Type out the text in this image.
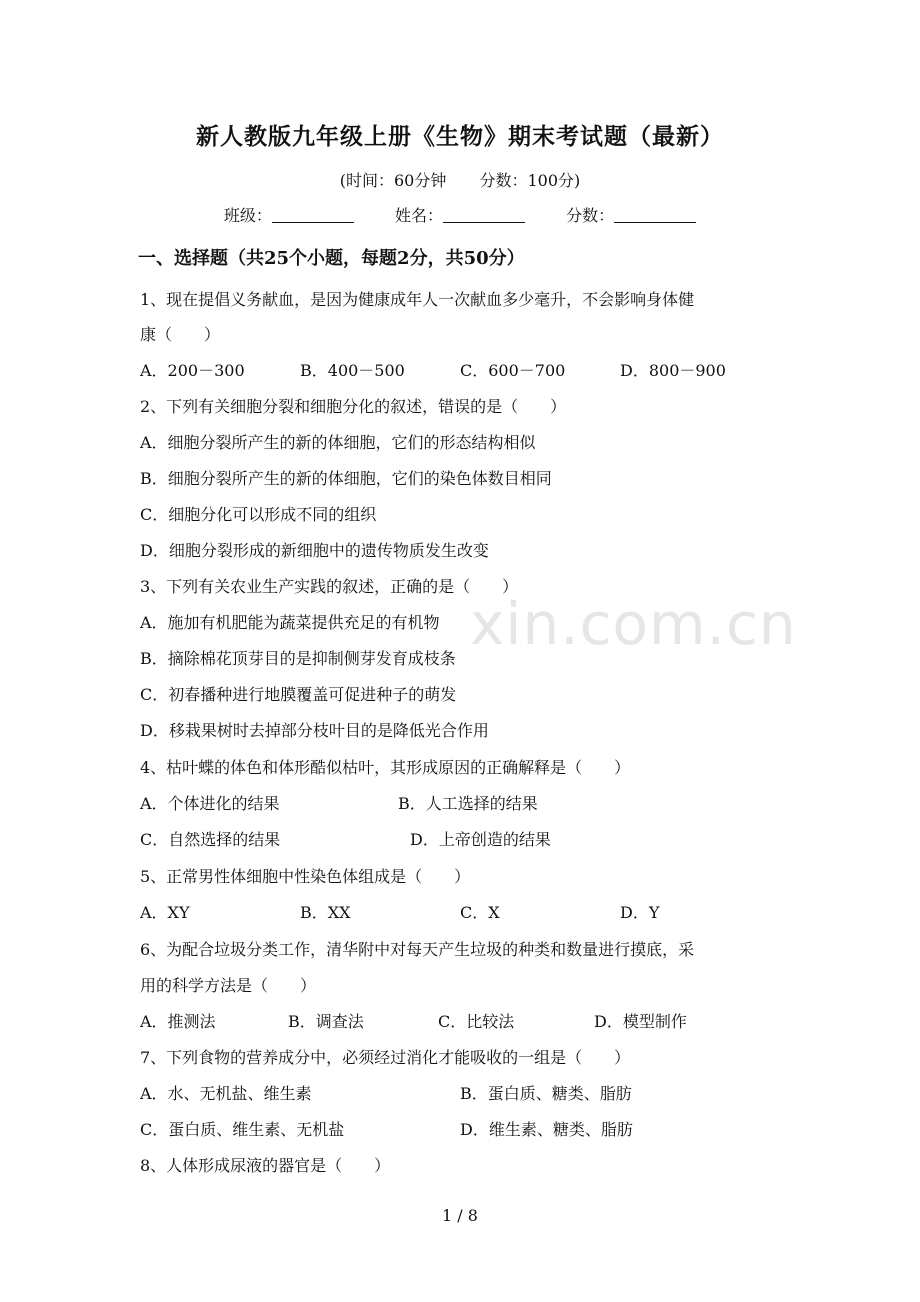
新人教版九年级上册《生物》期末考试题（最新）
(时间：60分钟 分数：100分)
班级：	姓名：	分数：
一、选择题（共25个小题，每题2分，共50分）
1、现在提倡义务献血，是因为健康成年人一次献血多少毫升，不会影响身体健
康（　　）
A．200－300	B．400－500	C．600－700	D．800－900
2、下列有关细胞分裂和细胞分化的叙述，错误的是（　　）
A．细胞分裂所产生的新的体细胞，它们的形态结构相似
B．细胞分裂所产生的新的体细胞，它们的染色体数目相同
C．细胞分化可以形成不同的组织
D．细胞分裂形成的新细胞中的遗传物质发生改变
3、下列有关农业生产实践的叙述，正确的是（　　）
A．施加有机肥能为蔬菜提供充足的有机物
B．摘除棉花顶芽目的是抑制侧芽发育成枝条
C．初春播种进行地膜覆盖可促进种子的萌发
D．移栽果树时去掉部分枝叶目的是降低光合作用
4、枯叶蝶的体色和体形酷似枯叶，其形成原因的正确解释是（　　）
A．个体进化的结果	B．人工选择的结果
C．自然选择的结果	D．上帝创造的结果
5、正常男性体细胞中性染色体组成是（　　）
A．XY	B．XX	C．X	D．Y
6、为配合垃圾分类工作，清华附中对每天产生垃圾的种类和数量进行摸底，采
用的科学方法是（　　）
A．推测法	B．调查法	C．比较法	D．模型制作
7、下列食物的营养成分中，必须经过消化才能吸收的一组是（　　）
A．水、无机盐、维生素	B．蛋白质、糖类、脂肪
C．蛋白质、维生素、无机盐	D．维生素、糖类、脂肪
8、人体形成尿液的器官是（　　）
xin.com.cn
1 / 8
